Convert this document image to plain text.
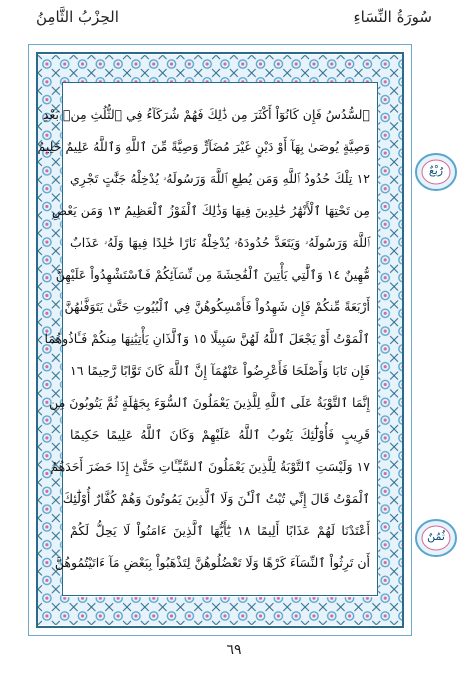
سُورَةُ النِّسَاءِ
الحِزْبُ الثَّامِنُ
ٱلسُّدُسُ فَإِن كَانُوٓاْ أَكْثَرَ مِن ذَٰلِكَ فَهُمْ شُرَكَآءُ فِي ٱلثُّلُثِ مِنۢ بَعْدِ
وَصِيَّةٍ يُوصَىٰ بِهَآ أَوْ دَيْنٍ غَيْرَ مُضَآرٍّ وَصِيَّةً مِّنَ ٱللَّهِ وَٱللَّهُ عَلِيمٌ حَلِيمٌ
١٢ تِلْكَ حُدُودُ ٱللَّهِ وَمَن يُطِعِ ٱللَّهَ وَرَسُولَهُۥ يُدْخِلْهُ جَنَّٰتٍ تَجْرِي
مِن تَحْتِهَا ٱلْأَنْهَٰرُ خَٰلِدِينَ فِيهَا وَذَٰلِكَ ٱلْفَوْزُ ٱلْعَظِيمُ ١٣ وَمَن يَعْصِ
ٱللَّهَ وَرَسُولَهُۥ وَيَتَعَدَّ حُدُودَهُۥ يُدْخِلْهُ نَارًا خَٰلِدًا فِيهَا وَلَهُۥ عَذَابٌ
مُّهِينٌ ١٤ وَٱلَّٰتِي يَأْتِينَ ٱلْفَٰحِشَةَ مِن نِّسَآئِكُمْ فَٱسْتَشْهِدُواْ عَلَيْهِنَّ
أَرْبَعَةً مِّنكُمْ فَإِن شَهِدُواْ فَأَمْسِكُوهُنَّ فِي ٱلْبُيُوتِ حَتَّىٰ يَتَوَفَّىٰهُنَّ
ٱلْمَوْتُ أَوْ يَجْعَلَ ٱللَّهُ لَهُنَّ سَبِيلًا ١٥ وَٱلَّذَانِ يَأْتِيَٰنِهَا مِنكُمْ فَـَٔاذُوهُمَا
فَإِن تَابَا وَأَصْلَحَا فَأَعْرِضُواْ عَنْهُمَآ إِنَّ ٱللَّهَ كَانَ تَوَّابًا رَّحِيمًا ١٦
إِنَّمَا ٱلتَّوْبَةُ عَلَى ٱللَّهِ لِلَّذِينَ يَعْمَلُونَ ٱلسُّوٓءَ بِجَهَٰلَةٍ ثُمَّ يَتُوبُونَ مِن
قَرِيبٍ فَأُوْلَٰٓئِكَ يَتُوبُ ٱللَّهُ عَلَيْهِمْ وَكَانَ ٱللَّهُ عَلِيمًا حَكِيمًا
١٧ وَلَيْسَتِ ٱلتَّوْبَةُ لِلَّذِينَ يَعْمَلُونَ ٱلسَّيِّـَٔاتِ حَتَّىٰٓ إِذَا حَضَرَ أَحَدَهُمُ
ٱلْمَوْتُ قَالَ إِنِّي تُبْتُ ٱلْـَٰٔنَ وَلَا ٱلَّذِينَ يَمُوتُونَ وَهُمْ كُفَّارٌ أُوْلَٰٓئِكَ
أَعْتَدْنَا لَهُمْ عَذَابًا أَلِيمًا ١٨ يَٰٓأَيُّهَا ٱلَّذِينَ ءَامَنُواْ لَا يَحِلُّ لَكُمْ
أَن تَرِثُواْ ٱلنِّسَآءَ كَرْهًا وَلَا تَعْضُلُوهُنَّ لِتَذْهَبُواْ بِبَعْضِ مَآ ءَاتَيْتُمُوهُنَّ
رُبْعٌ
ثُمُنٌ
٦٩
